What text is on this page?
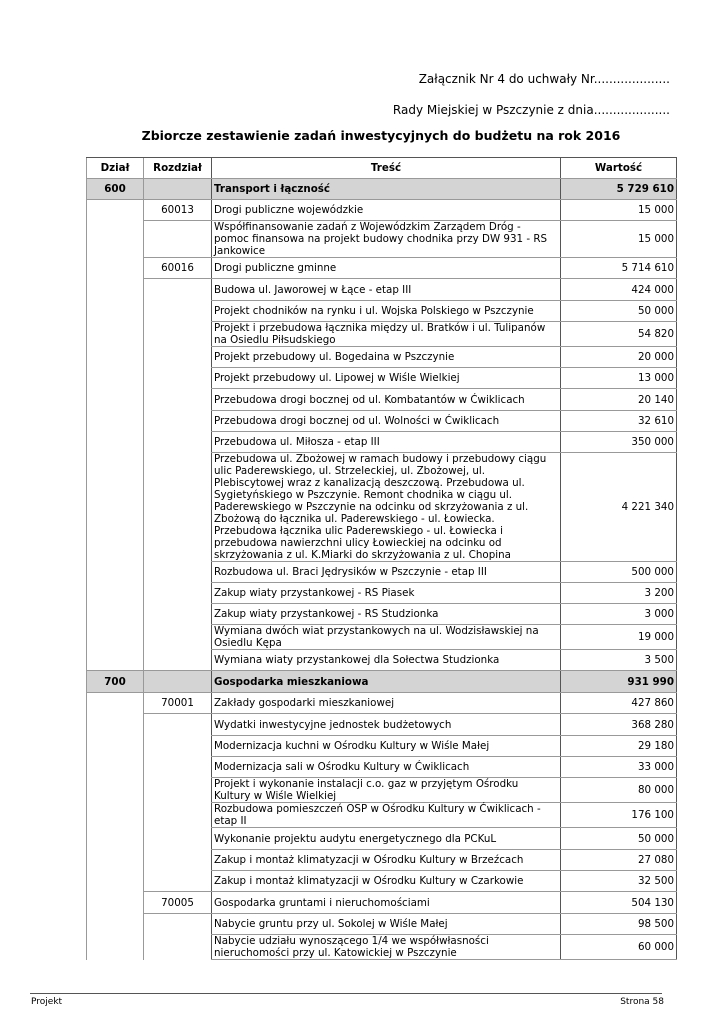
Załącznik Nr 4 do uchwały Nr....................
Rady Miejskiej w Pszczynie z dnia....................
Zbiorcze zestawienie zadań inwestycyjnych do budżetu na rok 2016
Dział	Rozdział	Treść	Wartość
600		Transport i łączność	5 729 610
	60013	Drogi publiczne wojewódzkie	15 000
		Współfinansowanie zadań z Wojewódzkim Zarządem Dróg - pomoc finansowa na projekt budowy chodnika przy DW 931 - RS Jankowice	15 000
	60016	Drogi publiczne gminne	5 714 610
		Budowa ul. Jaworowej w Łące - etap III	424 000
		Projekt chodników na rynku i ul. Wojska Polskiego w Pszczynie	50 000
		Projekt i przebudowa łącznika między ul. Bratków i ul. Tulipanów na Osiedlu Piłsudskiego	54 820
		Projekt przebudowy ul. Bogedaina w Pszczynie	20 000
		Projekt przebudowy ul. Lipowej w Wiśle Wielkiej	13 000
		Przebudowa drogi bocznej od ul. Kombatantów w Ćwiklicach	20 140
		Przebudowa drogi bocznej od ul. Wolności w Ćwiklicach	32 610
		Przebudowa ul. Miłosza - etap III	350 000
		Przebudowa ul. Zbożowej w ramach budowy i przebudowy ciągu ulic Paderewskiego, ul. Strzeleckiej, ul. Zbożowej, ul. Plebiscytowej wraz z kanalizacją deszczową. Przebudowa ul. Sygietyńskiego w Pszczynie. Remont chodnika w ciągu ul. Paderewskiego w Pszczynie na odcinku od skrzyżowania z ul. Zbożową do łącznika ul. Paderewskiego - ul. Łowiecka. Przebudowa łącznika ulic Paderewskiego - ul. Łowiecka i przebudowa nawierzchni ulicy Łowieckiej na odcinku od skrzyżowania z ul. K.Miarki do skrzyżowania z ul. Chopina	4 221 340
		Rozbudowa ul. Braci Jędrysików w Pszczynie - etap III	500 000
		Zakup wiaty przystankowej - RS Piasek	3 200
		Zakup wiaty przystankowej - RS Studzionka	3 000
		Wymiana dwóch wiat przystankowych na ul. Wodzisławskiej na Osiedlu Kępa	19 000
		Wymiana wiaty przystankowej dla Sołectwa Studzionka	3 500
700		Gospodarka mieszkaniowa	931 990
	70001	Zakłady gospodarki mieszkaniowej	427 860
		Wydatki inwestycyjne jednostek budżetowych	368 280
		Modernizacja kuchni w Ośrodku Kultury w Wiśle Małej	29 180
		Modernizacja sali w Ośrodku Kultury w Ćwiklicach	33 000
		Projekt i wykonanie instalacji c.o. gaz w przyjętym Ośrodku Kultury w Wiśle Wielkiej	80 000
		Rozbudowa pomieszczeń OSP w Ośrodku Kultury w Ćwiklicach - etap II	176 100
		Wykonanie projektu audytu energetycznego dla PCKuL	50 000
		Zakup i montaż klimatyzacji w Ośrodku Kultury w Brzeźcach	27 080
		Zakup i montaż klimatyzacji w Ośrodku Kultury w Czarkowie	32 500
	70005	Gospodarka gruntami i nieruchomościami	504 130
		Nabycie gruntu przy ul. Sokolej w Wiśle Małej	98 500
		Nabycie udziału wynoszącego 1/4 we współwłasności nieruchomości przy ul. Katowickiej w Pszczynie	60 000
Projekt	Strona 58
